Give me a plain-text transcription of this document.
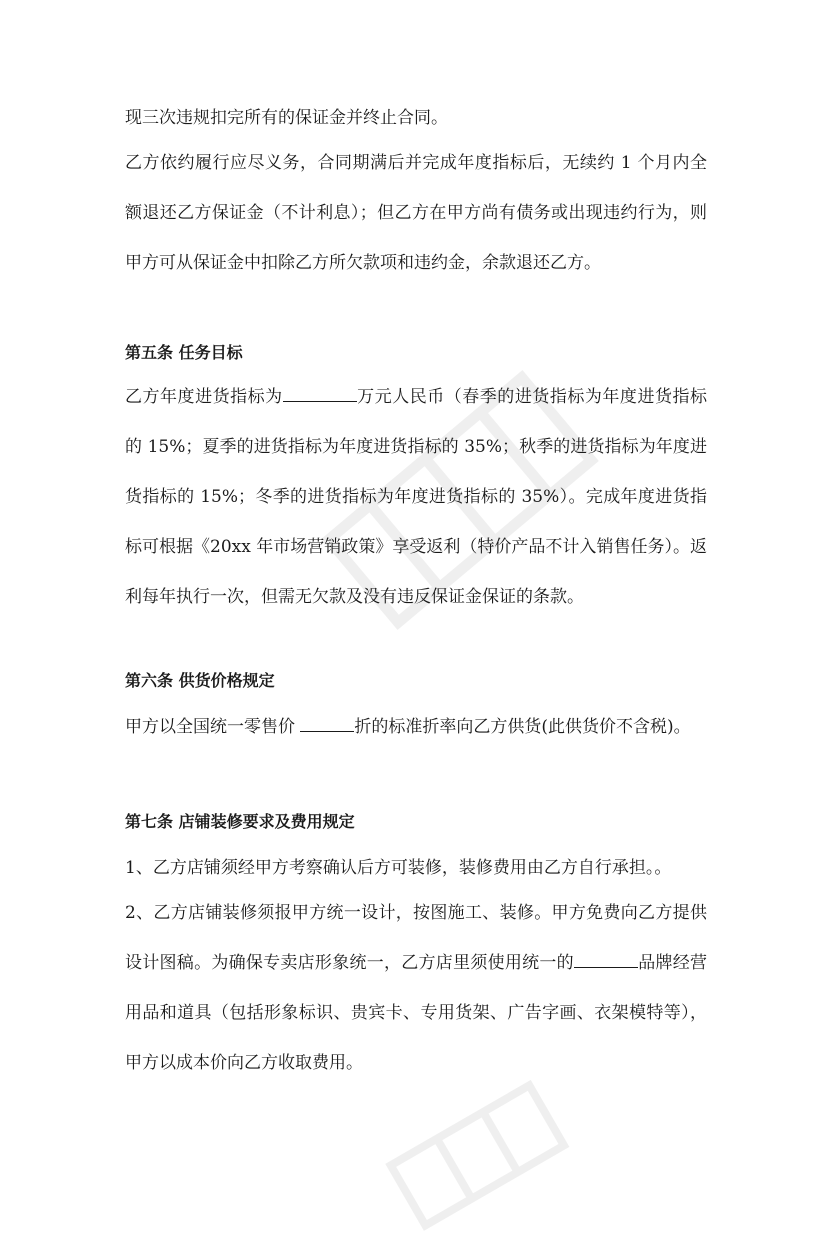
现三次违规扣完所有的保证金并终止合同。

乙方依约履行应尽义务，合同期满后并完成年度指标后，无续约 1 个月内全额退还乙方保证金（不计利息）；但乙方在甲方尚有债务或出现违约行为，则甲方可从保证金中扣除乙方所欠款项和违约金，余款退还乙方。

第五条 任务目标

乙方年度进货指标为	万元人民币（春季的进货指标为年度进货指标的 15%；夏季的进货指标为年度进货指标的 35%；秋季的进货指标为年度进货指标的 15%；冬季的进货指标为年度进货指标的 35%）。完成年度进货指标可根据《20xx 年市场营销政策》享受返利（特价产品不计入销售任务）。返利每年执行一次，但需无欠款及没有违反保证金保证的条款。

第六条 供货价格规定

甲方以全国统一零售价	折的标准折率向乙方供货(此供货价不含税)。

第七条 店铺装修要求及费用规定

1、乙方店铺须经甲方考察确认后方可装修，装修费用由乙方自行承担。。

2、乙方店铺装修须报甲方统一设计，按图施工、装修。甲方免费向乙方提供设计图稿。为确保专卖店形象统一，乙方店里须使用统一的	品牌经营用品和道具（包括形象标识、贵宾卡、专用货架、广告字画、衣架模特等），甲方以成本价向乙方收取费用。
